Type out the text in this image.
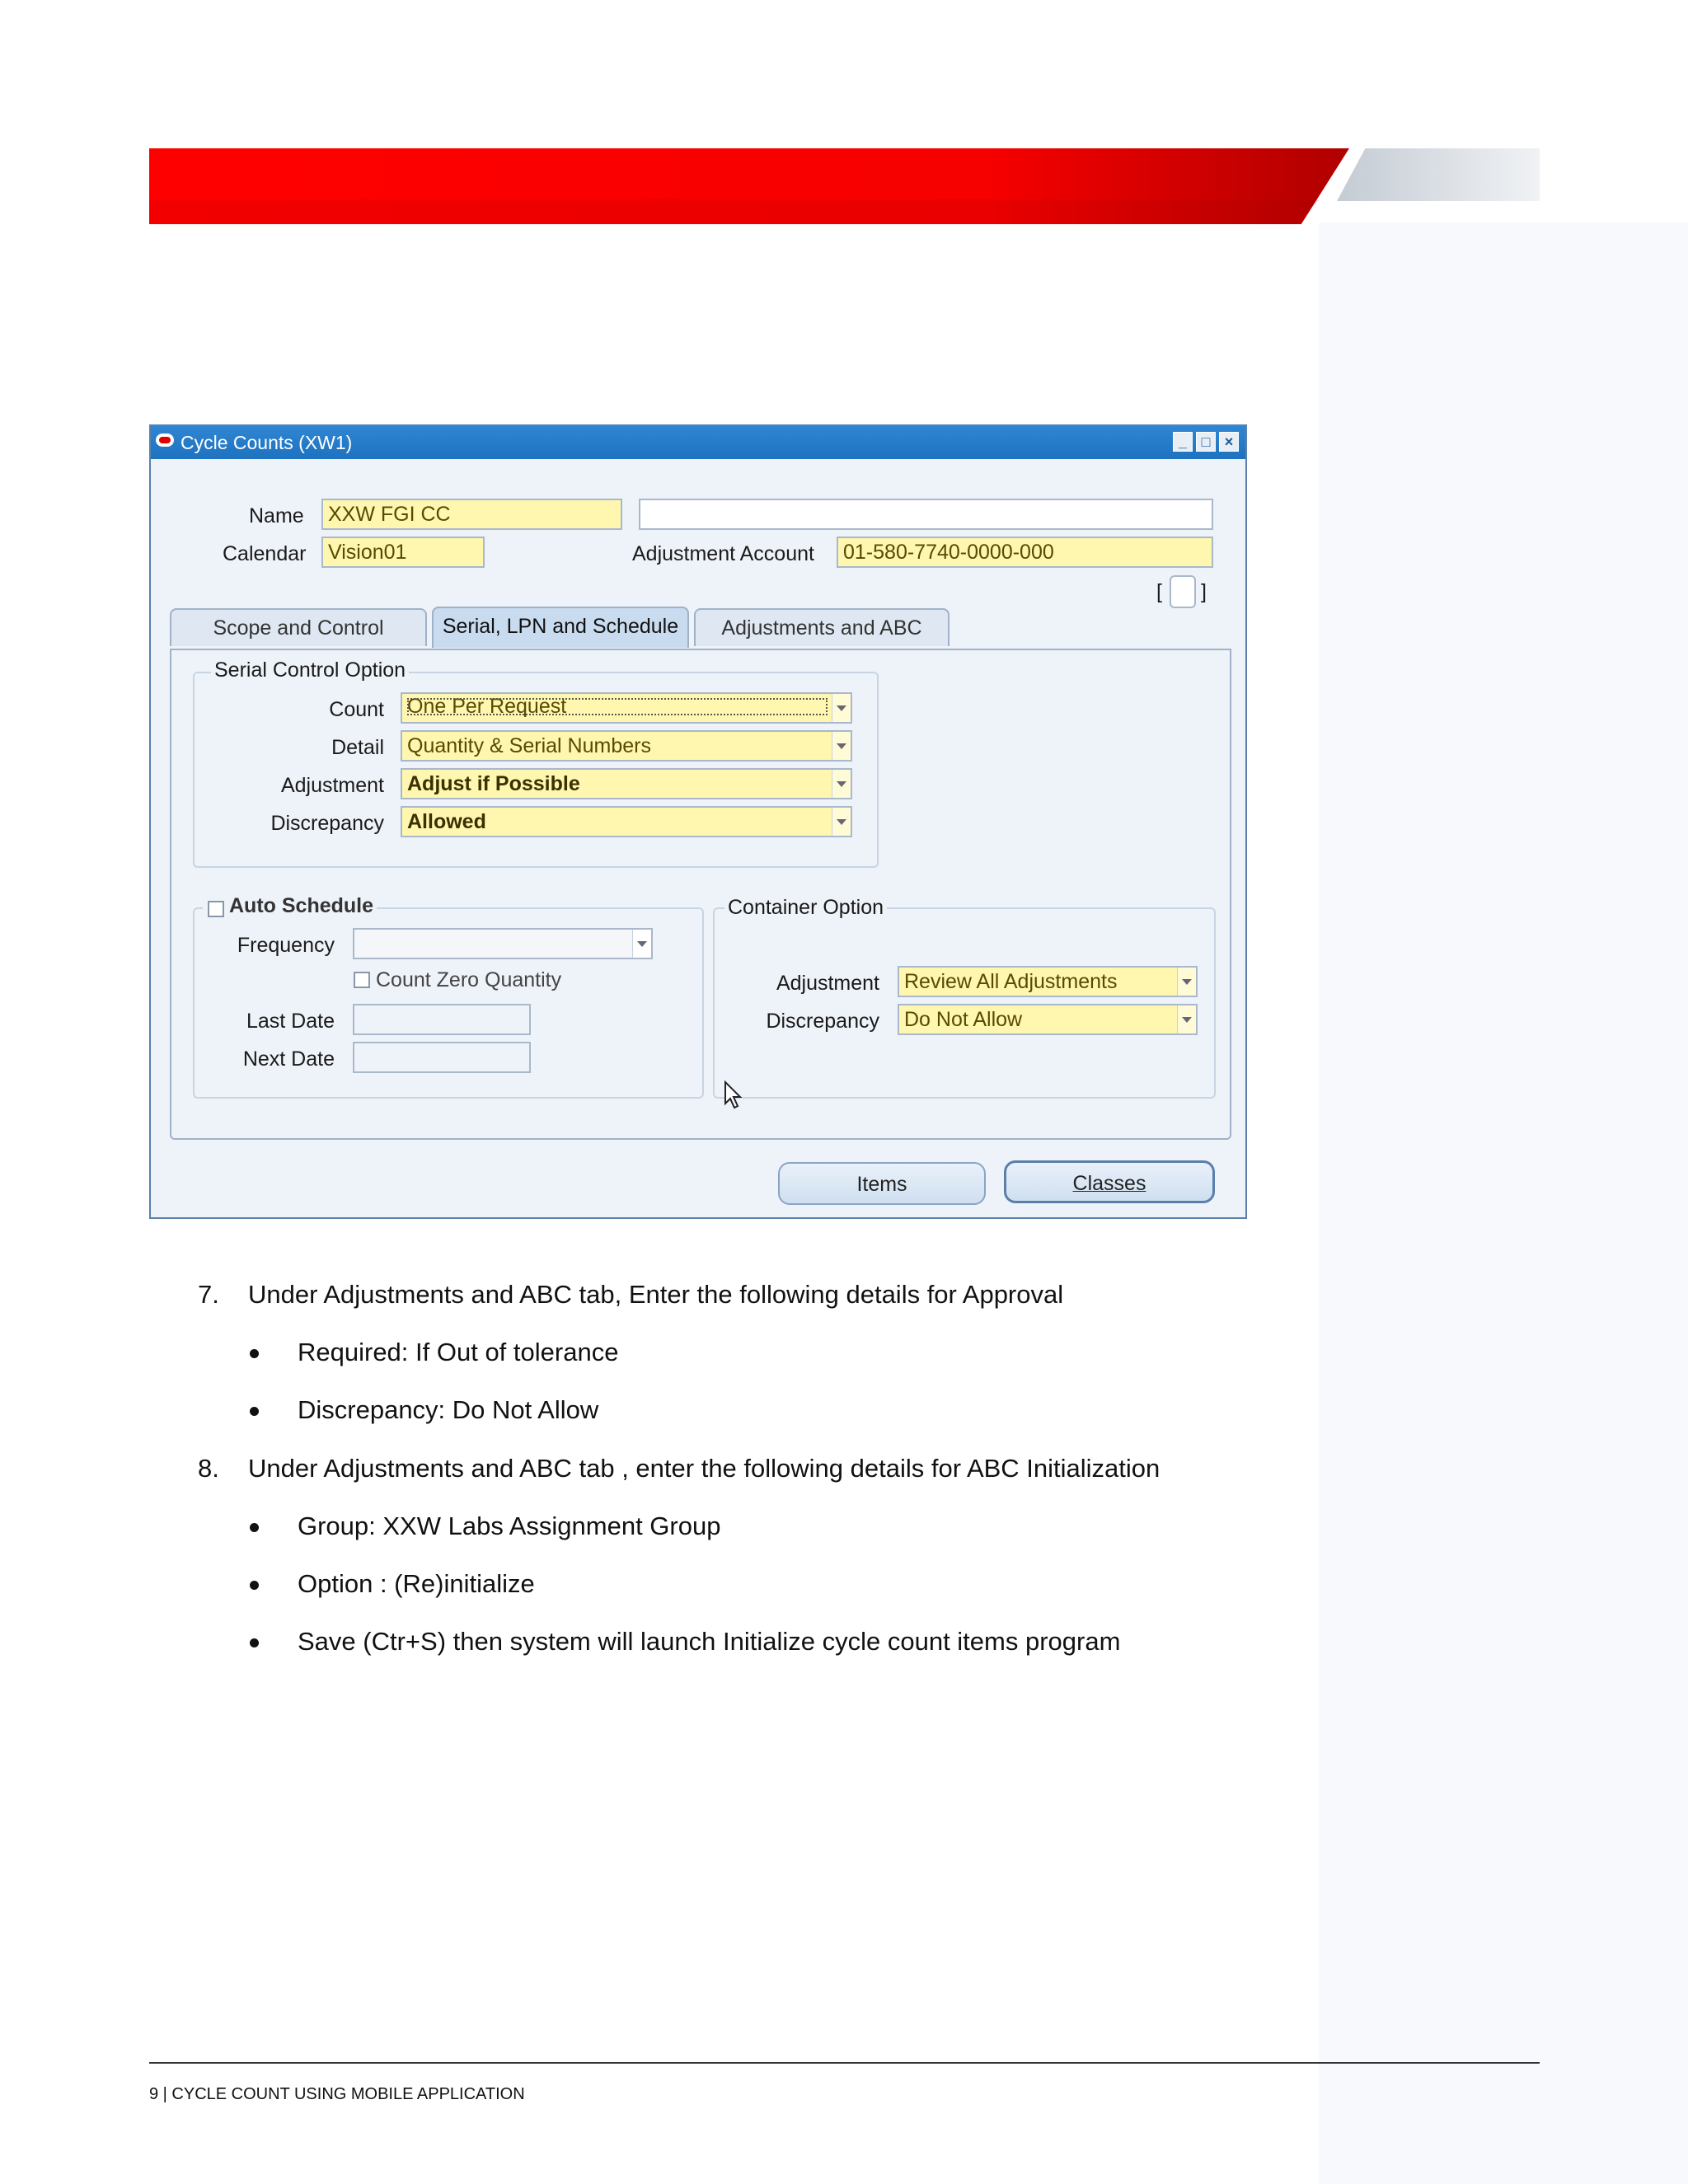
Cycle Counts (XW1)	_ □ ×
Name	XXW FGI CC
Calendar	Vision01	Adjustment Account	01-580-7740-0000-000
[ ]
Serial Control Option
Count One Per Request
Detail	Quantity & Serial Numbers
Adjustment	Adjust if Possible
Discrepancy	Allowed
Auto Schedule
Frequency
Count Zero Quantity
Last Date
Next Date
Container Option
Adjustment	Review All Adjustments
Discrepancy	Do Not Allow
Scope and Control	Serial, LPN and Schedule	Adjustments and ABC
Items	Classes
7. Under Adjustments and ABC tab, Enter the following details for Approval
Required: If Out of tolerance
Discrepancy: Do Not Allow
8. Under Adjustments and ABC tab , enter the following details for ABC Initialization
Group: XXW Labs Assignment Group
Option : (Re)initialize
Save (Ctr+S) then system will launch Initialize cycle count items program
9 | CYCLE COUNT USING MOBILE APPLICATION
